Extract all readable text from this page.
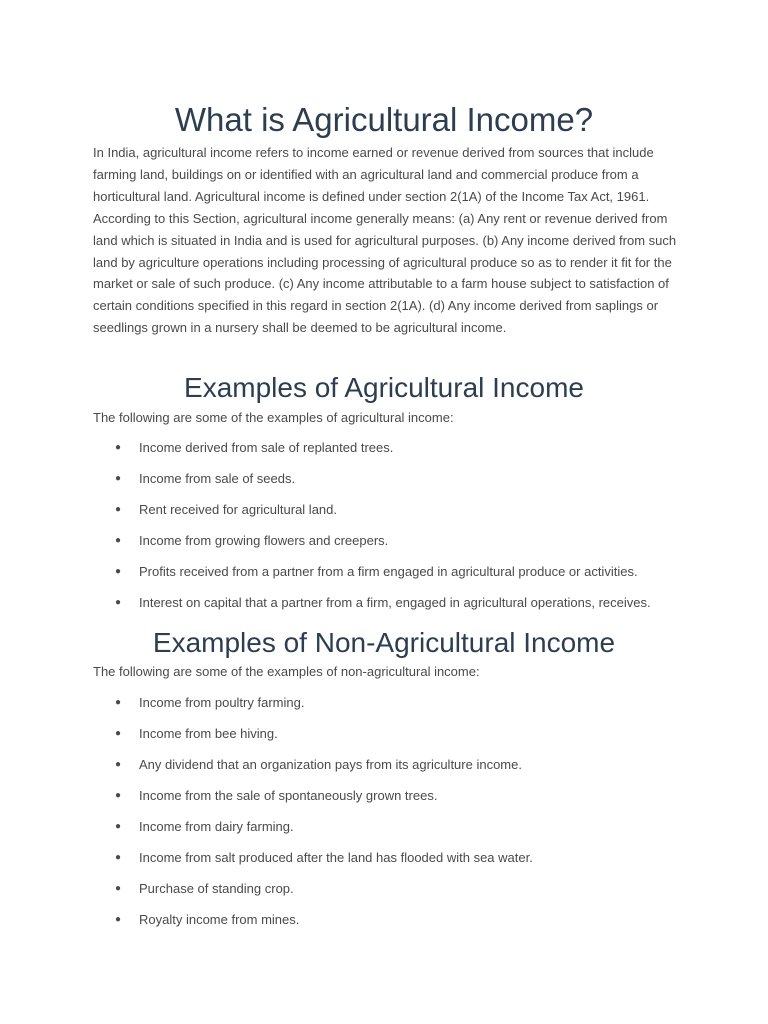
What is Agricultural Income?

In India, agricultural income refers to income earned or revenue derived from sources that include farming land, buildings on or identified with an agricultural land and commercial produce from a horticultural land. Agricultural income is defined under section 2(1A) of the Income Tax Act, 1961. According to this Section, agricultural income generally means: (a) Any rent or revenue derived from land which is situated in India and is used for agricultural purposes. (b) Any income derived from such land by agriculture operations including processing of agricultural produce so as to render it fit for the market or sale of such produce. (c) Any income attributable to a farm house subject to satisfaction of certain conditions specified in this regard in section 2(1A). (d) Any income derived from saplings or seedlings grown in a nursery shall be deemed to be agricultural income.

Examples of Agricultural Income

The following are some of the examples of agricultural income:

● Income derived from sale of replanted trees.
● Income from sale of seeds.
● Rent received for agricultural land.
● Income from growing flowers and creepers.
● Profits received from a partner from a firm engaged in agricultural produce or activities.
● Interest on capital that a partner from a firm, engaged in agricultural operations, receives.
Examples of Non-Agricultural Income

The following are some of the examples of non-agricultural income:

● Income from poultry farming.
● Income from bee hiving.
● Any dividend that an organization pays from its agriculture income.
● Income from the sale of spontaneously grown trees.
● Income from dairy farming.
● Income from salt produced after the land has flooded with sea water.
● Purchase of standing crop.
● Royalty income from mines.
